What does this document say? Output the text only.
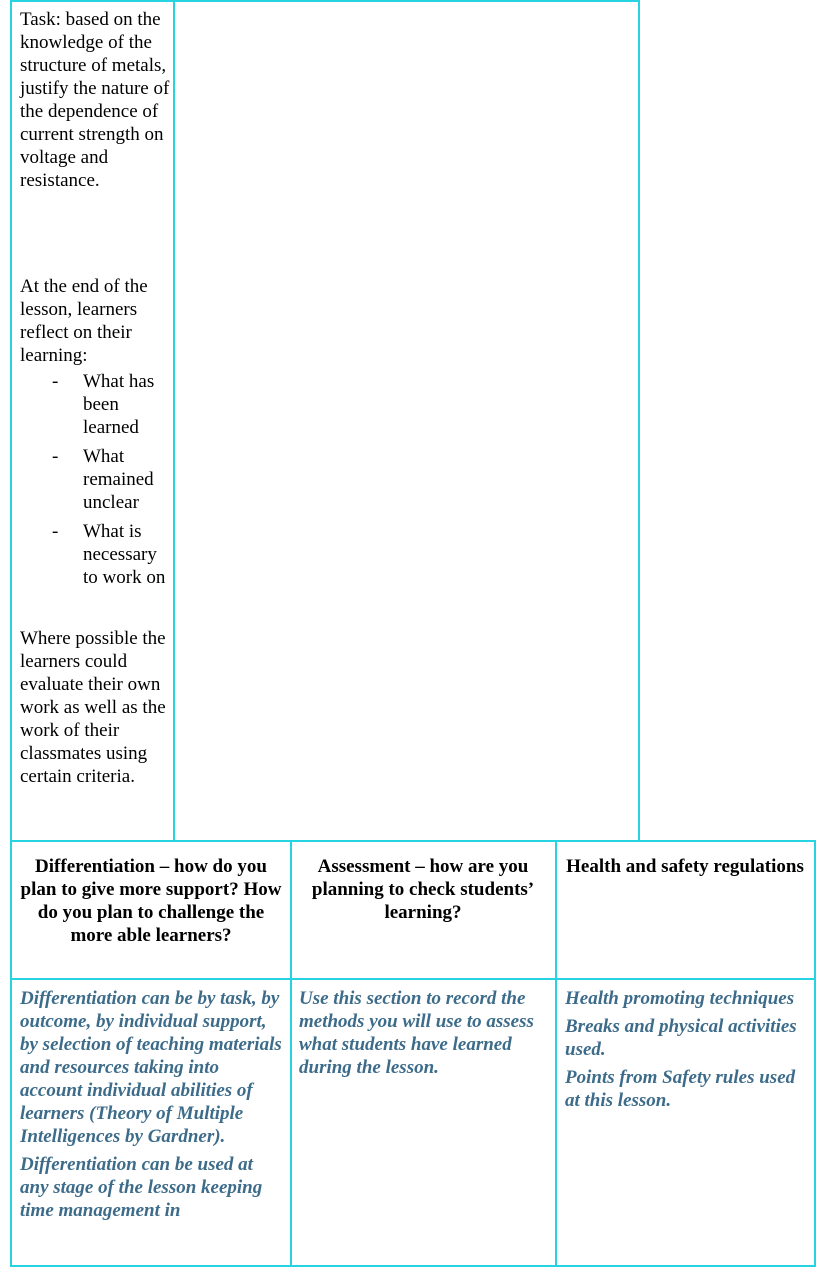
Task: based on the knowledge of the structure of metals, justify the nature of the dependence of current strength on voltage and resistance.
At the end of the lesson, learners reflect on their learning:
- What has been learned
- What remained unclear
- What is necessary to work on
Where possible the learners could evaluate their own work as well as the work of their classmates using certain criteria.
Differentiation – how do you plan to give more support? How do you plan to challenge the more able learners?
Assessment – how are you planning to check students’ learning?
Health and safety regulations

Differentiation can be by task, by outcome, by individual support, by selection of teaching materials and resources taking into account individual abilities of learners (Theory of Multiple Intelligences by Gardner).

Differentiation can be used at any stage of the lesson keeping time management in

Use this section to record the methods you will use to assess what students have learned during the lesson.

Health promoting techniques

Breaks and physical activities used.

Points from Safety rules used at this lesson.
